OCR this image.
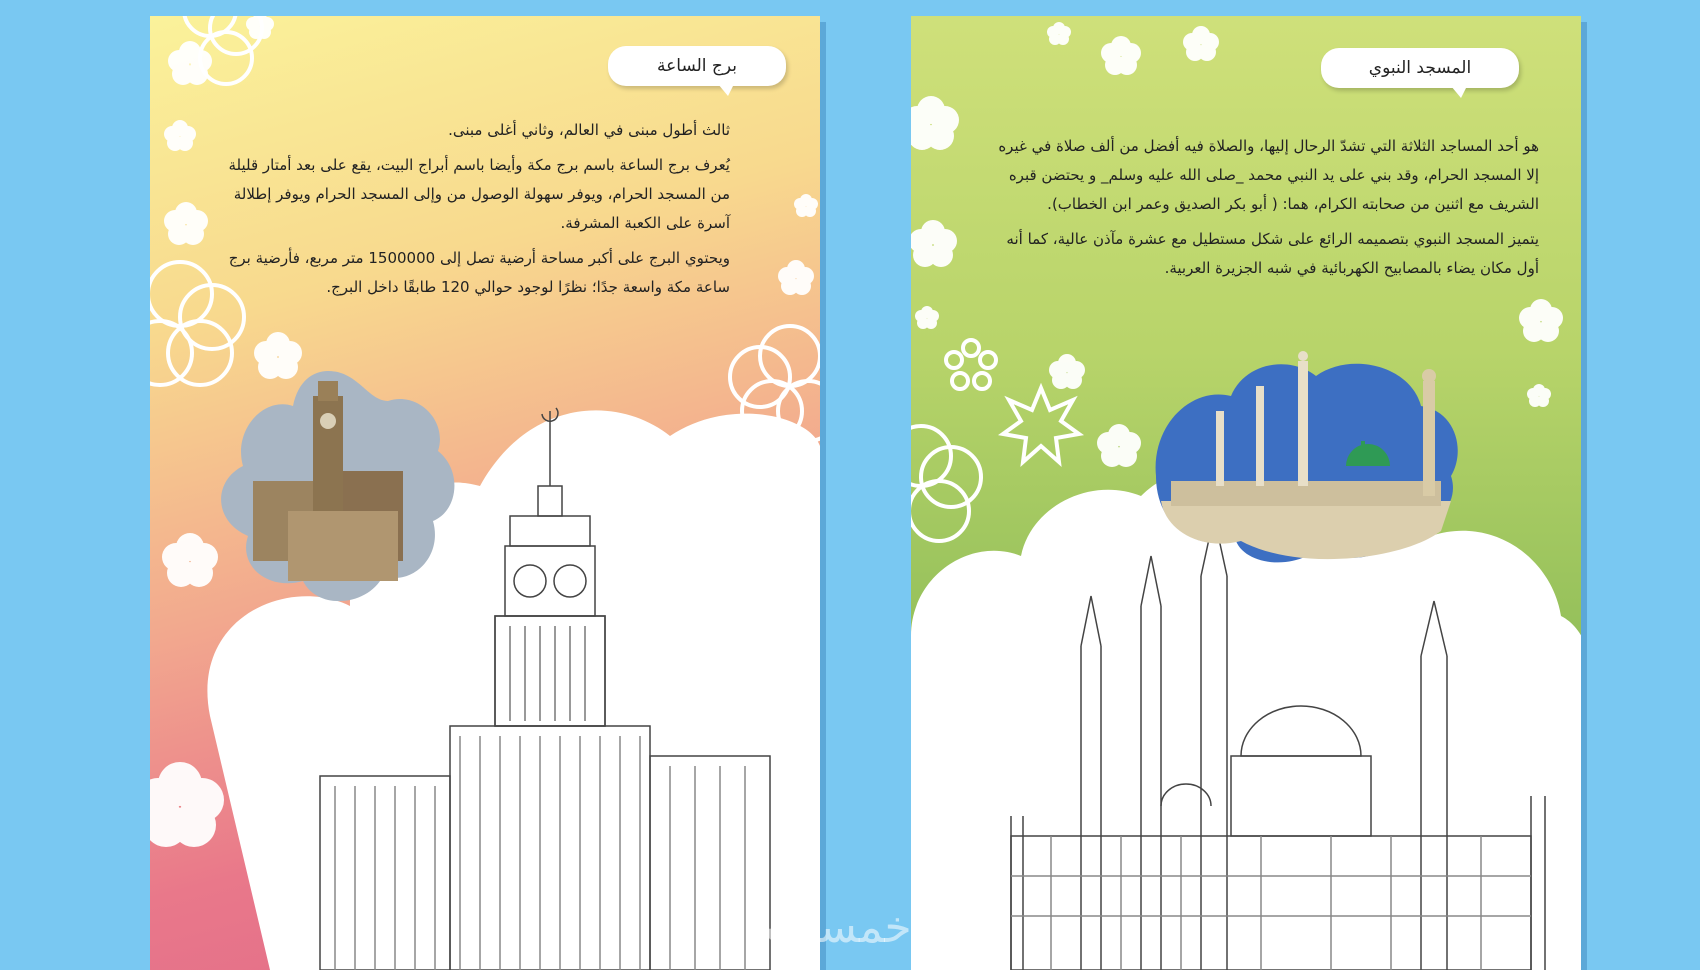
برج الساعة

ثالث أطول مبنى في العالم، وثاني أغلى مبنى.

يُعرف برج الساعة باسم برج مكة وأيضا باسم أبراج البيت، يقع على بعد أمتار قليلة من المسجد الحرام، ويوفر سهولة الوصول من وإلى المسجد الحرام ويوفر إطلالة آسرة على الكعبة المشرفة.

ويحتوي البرج على أكبر مساحة أرضية تصل إلى 1500000 متر مربع، فأرضية برج ساعة مكة واسعة جدًا؛ نظرًا لوجود حوالي 120 طابقًا داخل البرج.

المسجد النبوي

هو أحد المساجد الثلاثة التي تشدّ الرحال إليها، والصلاة فيه أفضل من ألف صلاة في غيره إلا المسجد الحرام، وقد بني على يد النبي محمد _صلى الله عليه وسلم_ و يحتضن قبره الشريف مع اثنين من صحابته الكرام، هما: ( أبو بكر الصديق وعمر ابن الخطاب).

يتميز المسجد النبوي بتصميمه الرائع على شكل مستطيل مع عشرة مآذن عالية، كما أنه أول مكان يضاء بالمصابيح الكهربائية في شبه الجزيرة العربية.

خمسات
